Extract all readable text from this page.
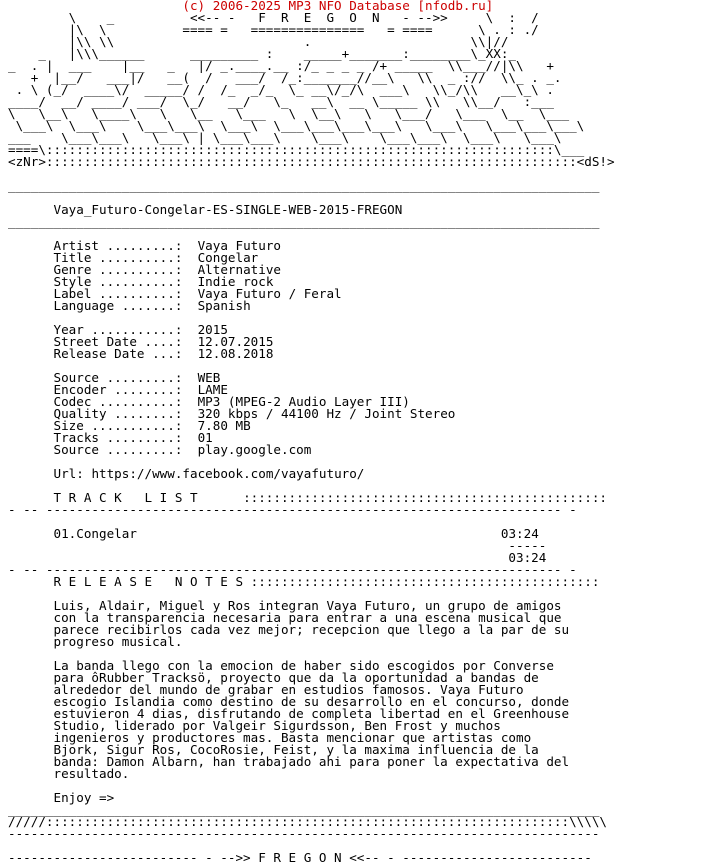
(c) 2006-2025 MP3 NFO Database [nfodb.ru]

\    _          <<-- -   F  R  E  G  O  N   - -->>     \  :  /
|\  \          ==== =   ===============   = ====      \ . : ./
|\\ \\                         .                     \\|//
_   |\\\______      _________ :    _____+_______:________\_XX:_
_  . |  ___    |__   _   |/ _.____.__ :/_ _ _ _ /+ _____  \\___//|\\   +
+  |__/   ___|/   __(  /   ___/  /_:_______//__\   \\  _ ://  \\_ . _.
. \ (_/  ____\/  _____/ /  /_  _/_  \_ __\/_/\  ___\   \\_/\\   __\_\ .
____/  __/ ____/ ___/  \_/   __/   \_   __\  __ \_____ \\   \\__/   :___
\   \__\   \____\   \   \__   \___   \  \__\   \   \___/   \___  \__  \___
\___\  \___\    \___\___\  \___\  \___\___\___\___\   \___\   \___\___\___\
___    \___\___\   \___\ | \___\___\    \___\    \___\___\  \___\   \___\
====\:::::::::::::::::::::::::::::::::::::::::::::::::::::::::::::::::::\___
<zNr>::::::::::::::::::::::::::::::::::::::::::::::::::::::::::::::::::::::<dS!>

______________________________________________________________________________

Vaya_Futuro-Congelar-ES-SINGLE-WEB-2015-FREGON
______________________________________________________________________________

Artist .........: Vaya Futuro
Title ..........: Congelar
Genre ..........: Alternative
Style ..........: Indie rock
Label ..........: Vaya Futuro / Feral
Language .......: Spanish

Year ...........: 2015
Street Date ....: 12.07.2015
Release Date ...: 12.08.2018

Source .........: WEB
Encoder ........: LAME
Codec ..........: MP3 (MPEG-2 Audio Layer III)
Quality ........: 320 kbps / 44100 Hz / Joint Stereo
Size ...........: 7.80 MB
Tracks .........: 01
Source .........: play.google.com

Url: https://www.facebook.com/vayafuturo/

T R A C K   L I S T	::::::::::::::::::::::::::::::::::::::::::::::::
- -- -------------------------------------------------------------------- -

01.Congelar	03:24
-----
03:24
- -- -------------------------------------------------------------------- -
R E L E A S E   N O T E S ::::::::::::::::::::::::::::::::::::::::::::::

Luis, Aldair, Miguel y Ros integran Vaya Futuro, un grupo de amigos
con la transparencia necesaria para entrar a una escena musical que
parece recibirlos cada vez mejor; recepcion que llego a la par de su
progreso musical.

La banda llego con la emocion de haber sido escogidos por Converse
para ôRubber Tracksö, proyecto que da la oportunidad a bandas de
alrededor del mundo de grabar en estudios famosos. Vaya Futuro
escogio Islandia como destino de su desarrollo en el concurso, donde
estuvieron 4 dias, disfrutando de completa libertad en el Greenhouse
Studio, liderado por Valgeir Sigurdsson, Ben Frost y muchos
ingenieros y productores mas. Basta mencionar que artistas como
Bjork, Sigur Ros, CocoRosie, Feist, y la maxima influencia de la
banda: Damon Albarn, han trabajado ahi para poner la expectativa del
resultado.

Enjoy =>
______________________________________________________________________________
/////:::::::::::::::::::::::::::::::::::::::::::::::::::::::::::::::::::::\\\\\
------------------------------------------------------------------------------

------------------------- - -->> F R E G O N <<-- - -------------------------
